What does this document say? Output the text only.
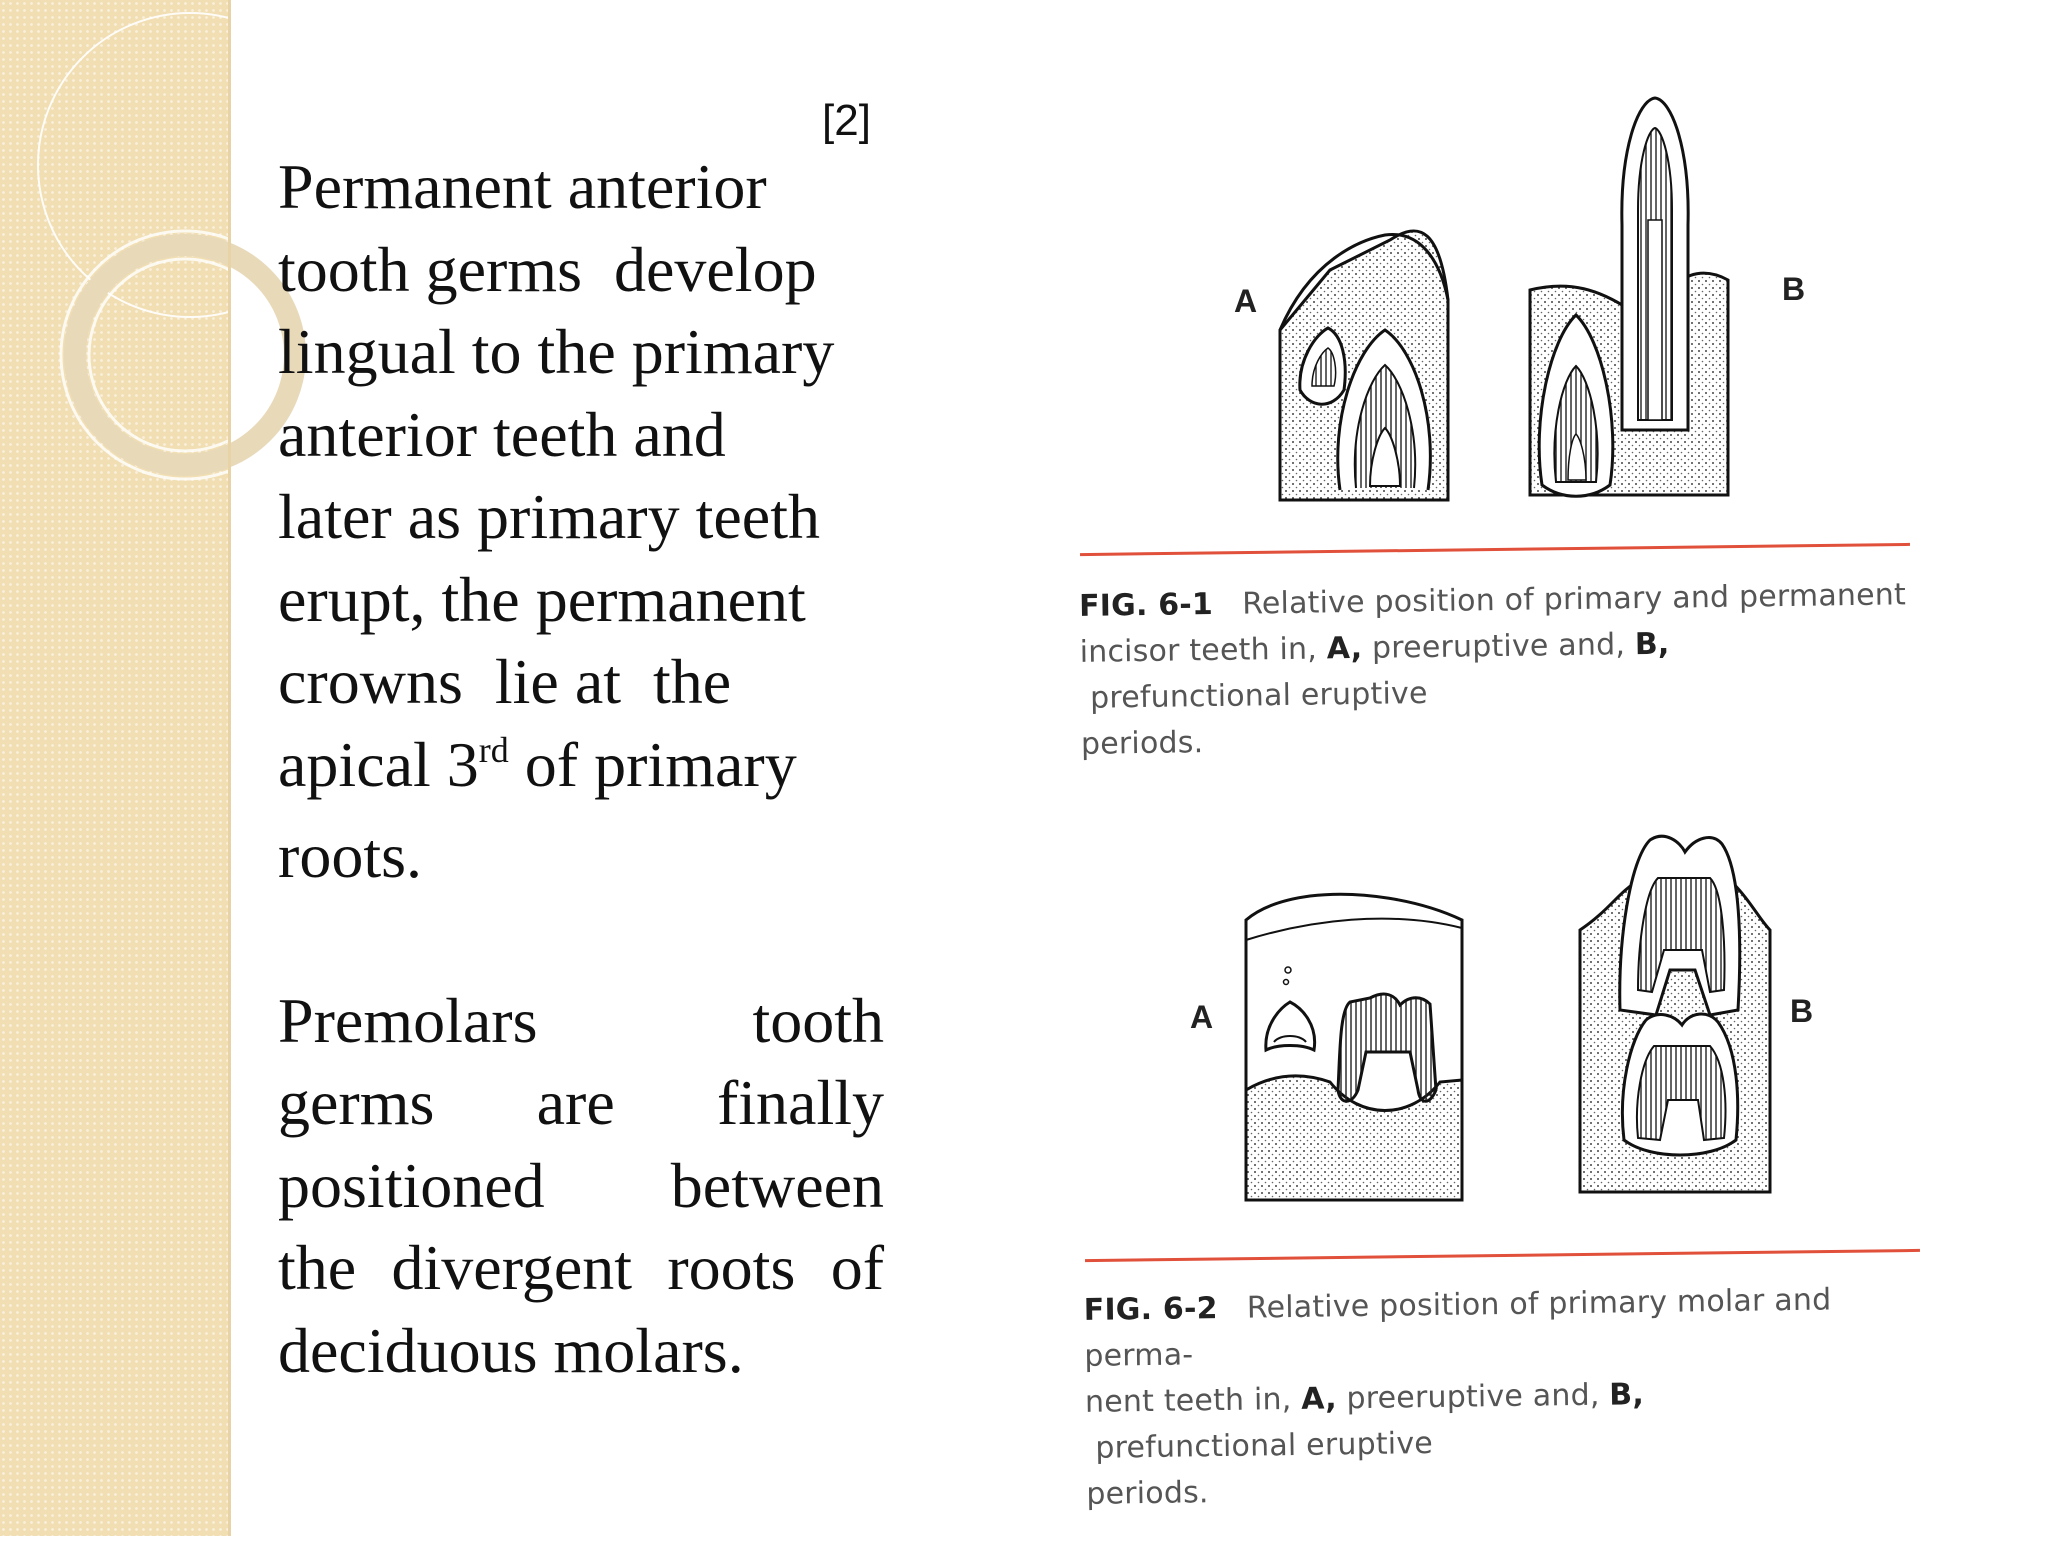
[2]

Permanent anterior

tooth germs  develop

lingual to the primary

anterior teeth and

later as primary teeth

erupt, the permanent

crowns  lie at  the

apical 3rd of primary

roots.

Premolars tooth
germs are finally
positioned between
the divergent roots of
deciduous molars.
A	B
FIG. 6-1 Relative position of primary and permanent
incisor teeth in, A, preeruptive and, B, prefunctional eruptive
periods.
A	B
FIG. 6-2 Relative position of primary molar and perma-
nent teeth in, A, preeruptive and, B, prefunctional eruptive
periods.
